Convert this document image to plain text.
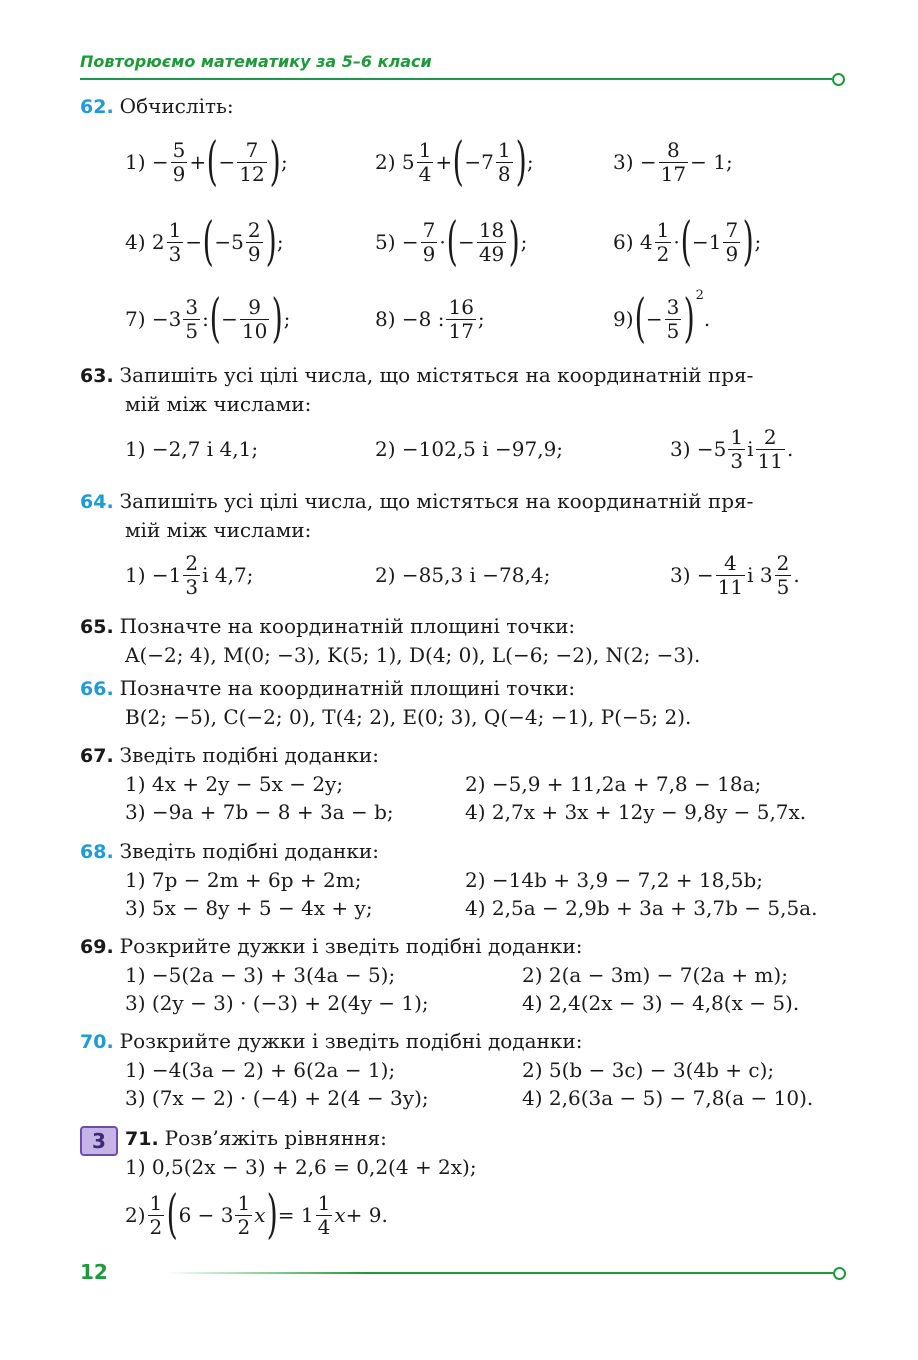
Повторюємо математику за 5–6 класи
62. Обчисліть:
$1) - \frac{5}{9}$ + ( − $\frac{7}{12}$ ) ;	2) $5 \frac{1}{4}$ + ( $-7 \frac{1}{8}$ ) ;	$3) - \frac{8}{17} - 1$;
4) $2 \frac{1}{3}$ − ( $-5 \frac{2}{9}$ ) ;	$5) - \frac{7}{9}$ · ( − $\frac{18}{49}$ ) ;	6) $4 \frac{1}{2}$ · ( $-1 \frac{7}{9}$ ) ;
$7) -3 \frac{3}{5}$ : ( − $\frac{9}{10}$ ) ;	8) −8 : $\frac{16}{17}$ ;	9) ( − $\frac{3}{5}$ ) 2
.
63. Запишіть усі цілі числа, що містяться на координатній пря-
мій між числами:
1) −2,7 і 4,1;	2) −102,5 і −97,9;	$3) -5 \frac{1}{3}$ і $\frac{2}{11}$ .
64. Запишіть усі цілі числа, що містяться на координатній пря-
мій між числами:
$1) -1 \frac{2}{3}$ і 4,7;	2) −85,3 і −78,4;	$3) - \frac{4}{11}$ і $3 \frac{2}{5}$ .
65. Позначте на координатній площині точки:
A(−2; 4), M(0; −3), K(5; 1), D(4; 0), L(−6; −2), N(2; −3).
66. Позначте на координатній площині точки:
B(2; −5), C(−2; 0), T(4; 2), E(0; 3), Q(−4; −1), P(−5; 2).
67. Зведіть подібні доданки:
1) 4x + 2y − 5x − 2y;	2) −5,9 + 11,2a + 7,8 − 18a;
3) −9a + 7b − 8 + 3a − b;	4) 2,7x + 3x + 12y − 9,8y − 5,7x.
68. Зведіть подібні доданки:
1) 7p − 2m + 6p + 2m;	2) −14b + 3,9 − 7,2 + 18,5b;
3) 5x − 8y + 5 − 4x + y;	4) 2,5a − 2,9b + 3a + 3,7b − 5,5a.
69. Розкрийте дужки і зведіть подібні доданки:
1) −5(2a − 3) + 3(4a − 5);	2) 2(a − 3m) − 7(2a + m);
3) (2y − 3) · (−3) + 2(4y − 1);	4) 2,4(2x − 3) − 4,8(x − 5).
70. Розкрийте дужки і зведіть подібні доданки:
1) −4(3a − 2) + 6(2a − 1);	2) 5(b − 3c) − 3(4b + c);
3) (7x − 2) · (−4) + 2(4 − 3y);	4) 2,6(3a − 5) − 7,8(a − 10).
3	71. Розв’яжіть рівняння:
1) 0,5(2x − 3) + 2,6 = 0,2(4 + 2x);
$2) \frac{1}{2}$ ( $6 - 3 \frac{1}{2}$ x ) = $1 \frac{1}{4}$ x + 9.
12
